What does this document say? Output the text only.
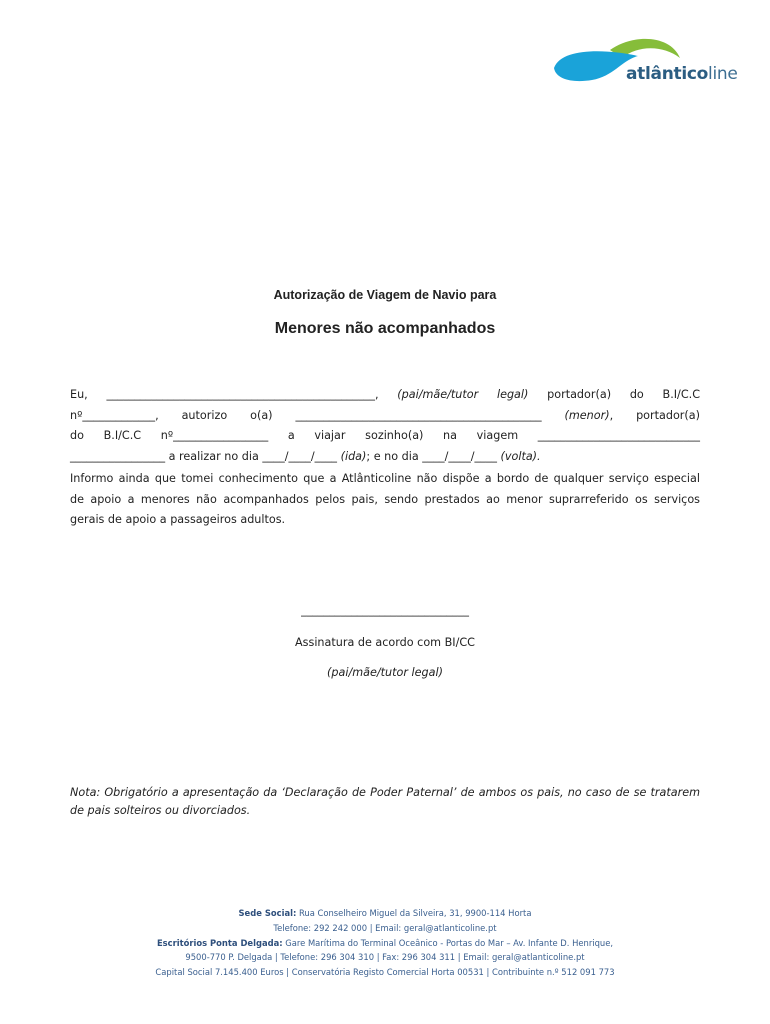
atlânticoline
Autorização de Viagem de Navio para
Menores não acompanhados
Eu, ________________________________________________, (pai/mãe/tutor legal) portador(a) do B.I/C.C
nº_____________, autorizo o(a) ____________________________________________ (menor), portador(a)
do B.I/C.C nº_________________ a viajar sozinho(a) na viagem _____________________________
_________________ a realizar no dia ____/____/____ (ida); e no dia ____/____/____ (volta).
Informo ainda que tomei conhecimento que a Atlânticoline não dispõe a bordo de qualquer serviço especial
de apoio a menores não acompanhados pelos pais, sendo prestados ao menor suprarreferido os serviços
gerais de apoio a passageiros adultos.
______________________________
Assinatura de acordo com BI/CC
(pai/mãe/tutor legal)
Nota: Obrigatório a apresentação da ‘Declaração de Poder Paternal’ de ambos os pais, no caso de se tratarem
de pais solteiros ou divorciados.
Sede Social: Rua Conselheiro Miguel da Silveira, 31, 9900-114 Horta
Telefone: 292 242 000 | Email: geral@atlanticoline.pt
Escritórios Ponta Delgada: Gare Marítima do Terminal Oceânico - Portas do Mar – Av. Infante D. Henrique,
9500-770 P. Delgada | Telefone: 296 304 310 | Fax: 296 304 311 | Email: geral@atlanticoline.pt
Capital Social 7.145.400 Euros | Conservatória Registo Comercial Horta 00531 | Contribuinte n.º 512 091 773
